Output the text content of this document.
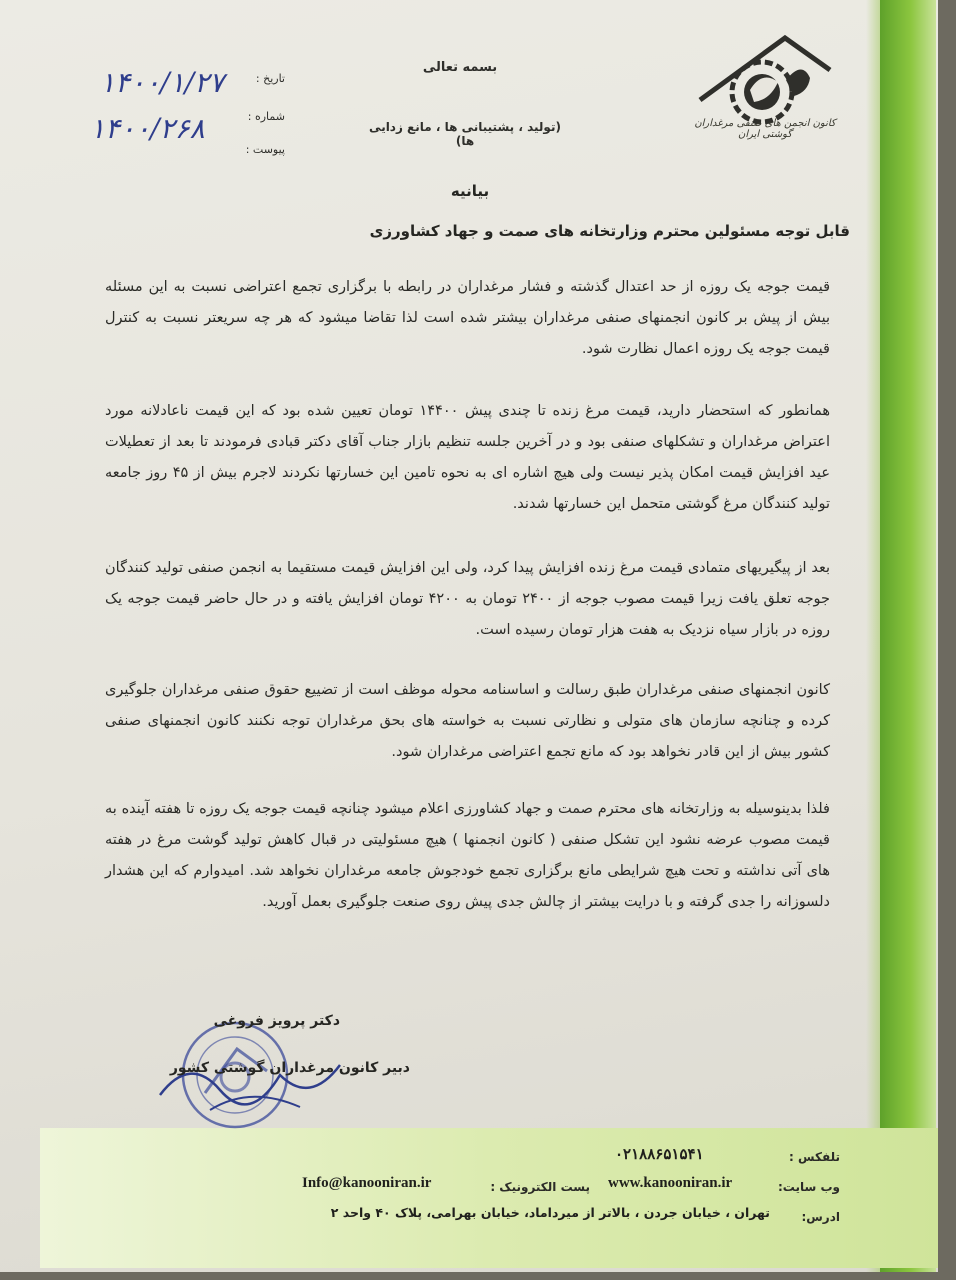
کانون انجمن های صنفی مرغداران گوشتی ایران
بسمه تعالی
(تولید ، پشتیبانی ها ، مانع زدایی ها)
تاریخ :
شماره :
پیوست :
۱۴۰۰/۱/۲۷
۱۴۰۰/۲۶۸
بیانیه
قابل توجه مسئولین محترم وزارتخانه های صمت و جهاد کشاورزی
قیمت جوجه یک روزه از حد اعتدال گذشته و فشار مرغداران در رابطه با برگزاری تجمع اعتراضی نسبت به این مسئله بیش از پیش بر کانون انجمنهای صنفی مرغداران بیشتر شده است لذا تقاضا میشود که هر چه سریعتر نسبت به کنترل قیمت جوجه یک روزه اعمال نظارت شود.
همانطور که استحضار دارید، قیمت مرغ زنده تا چندی پیش ۱۴۴۰۰ تومان تعیین شده بود که این قیمت ناعادلانه مورد اعتراض مرغداران و تشکلهای صنفی بود و در آخرین جلسه تنظیم بازار جناب آقای دکتر قبادی فرمودند تا بعد از تعطیلات عید افزایش قیمت امکان پذیر نیست ولی هیچ اشاره ای به نحوه تامین این خسارتها نکردند لاجرم بیش از ۴۵ روز جامعه تولید کنندگان مرغ گوشتی متحمل این خسارتها شدند.
بعد از پیگیریهای متمادی قیمت مرغ زنده افزایش پیدا کرد، ولی این افزایش قیمت مستقیما به انجمن صنفی تولید کنندگان جوجه تعلق یافت زیرا قیمت مصوب جوجه از ۲۴۰۰ تومان به ۴۲۰۰ تومان افزایش یافته و در حال حاضر قیمت جوجه یک روزه در بازار سیاه نزدیک به هفت هزار تومان رسیده است.
کانون انجمنهای صنفی مرغداران طبق رسالت و اساسنامه محوله موظف است از تضییع حقوق صنفی مرغداران جلوگیری کرده و چنانچه سازمان های متولی و نظارتی نسبت به خواسته های بحق مرغداران توجه نکنند کانون انجمنهای صنفی کشور بیش از این قادر نخواهد بود که مانع تجمع اعتراضی مرغداران شود.
فلذا بدینوسیله به وزارتخانه های محترم صمت و جهاد کشاورزی اعلام میشود چنانچه قیمت جوجه یک روزه تا هفته آینده به قیمت مصوب عرضه نشود این تشکل صنفی ( کانون انجمنها ) هیچ مسئولیتی در قبال کاهش تولید گوشت مرغ در هفته های آتی نداشته و تحت هیچ شرایطی مانع برگزاری تجمع خودجوش جامعه مرغداران نخواهد شد. امیدوارم که این هشدار دلسوزانه را جدی گرفته و با درایت بیشتر از چالش جدی پیش روی صنعت جلوگیری بعمل آورید.
دکتر پرویز فروغی
دبیر کانون مرغداران گوشتی کشور
تلفکس :
۰۲۱۸۸۶۵۱۵۴۱
وب سایت:
www.kanooniran.ir
پست الکترونیک :
Info@kanooniran.ir
ادرس:
تهران ، خیابان جردن ، بالاتر از میرداماد، خیابان بهرامی، پلاک ۴۰ واحد ۲
